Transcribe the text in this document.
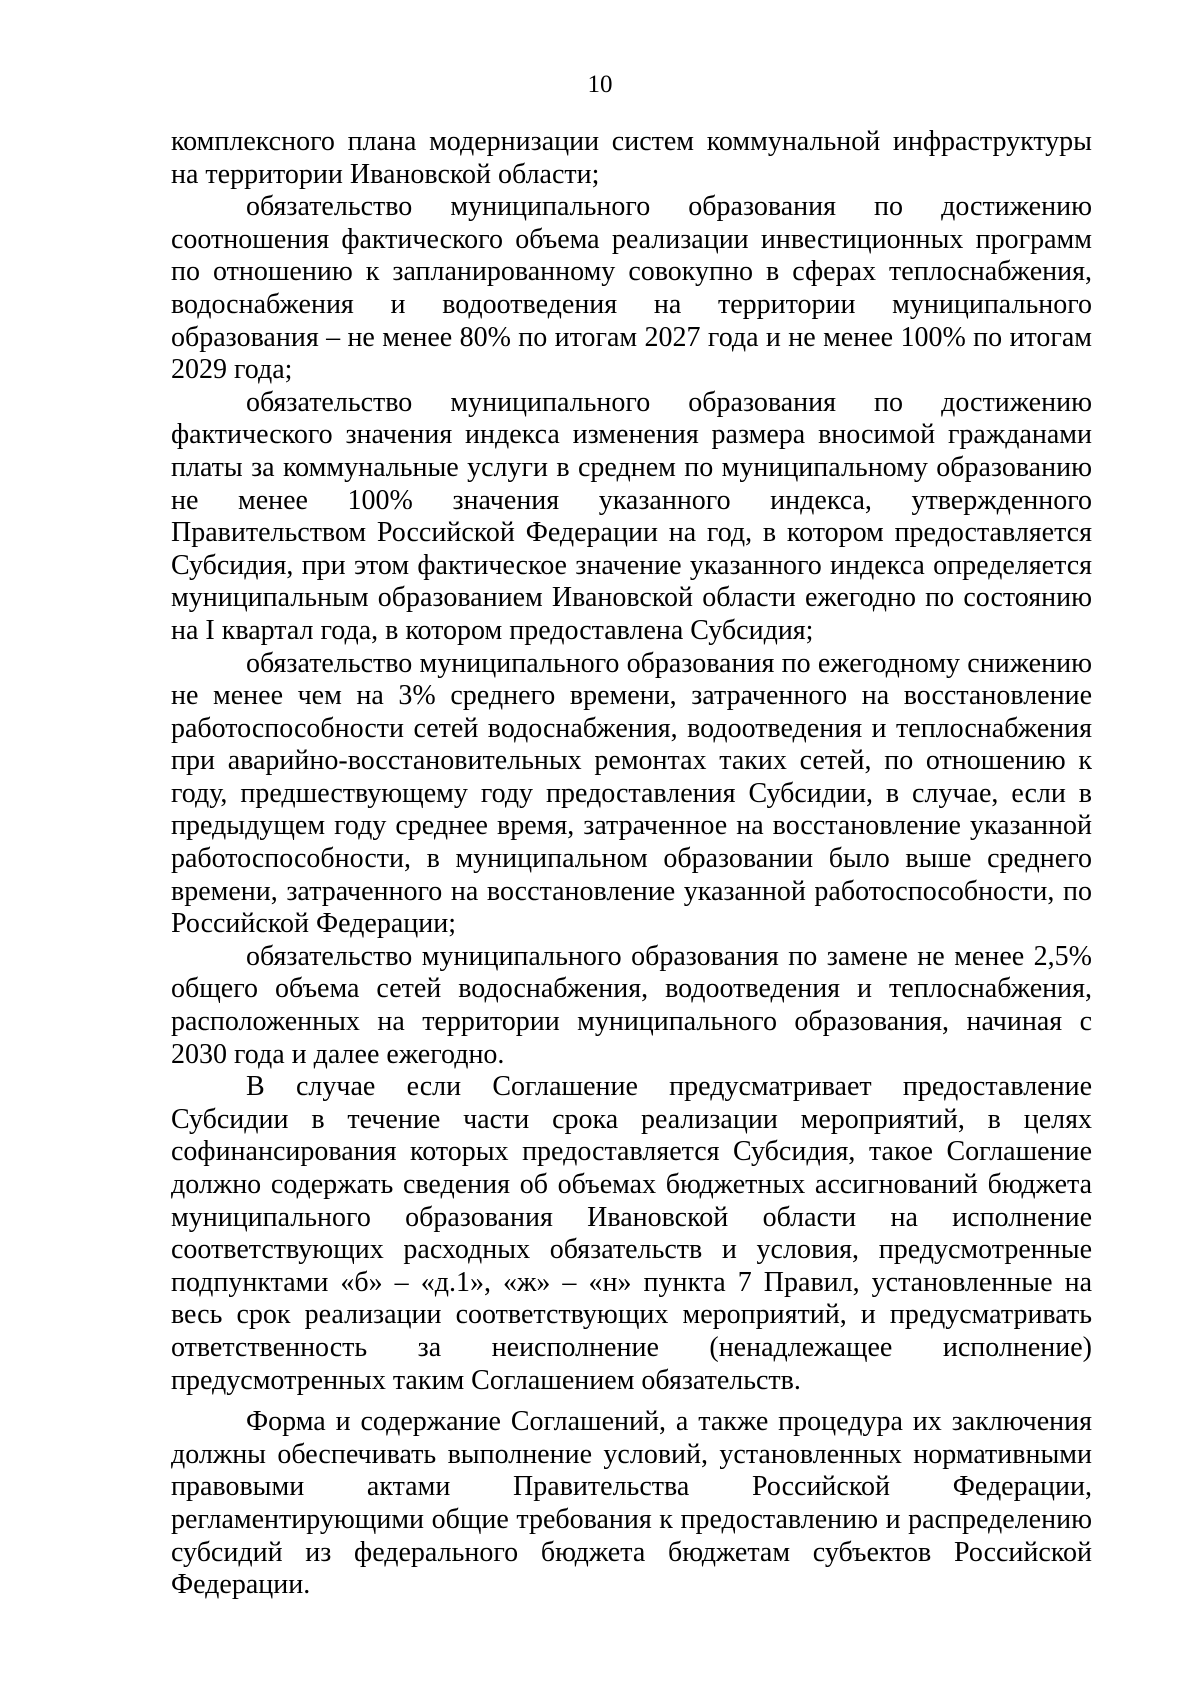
10

комплексного плана модернизации систем коммунальной инфраструктуры на территории Ивановской области;

обязательство муниципального образования по достижению соотношения фактического объема реализации инвестиционных программ по отношению к запланированному совокупно в сферах теплоснабжения, водоснабжения и водоотведения на территории муниципального образования – не менее 80% по итогам 2027 года и не менее 100% по итогам 2029 года;

обязательство муниципального образования по достижению фактического значения индекса изменения размера вносимой гражданами платы за коммунальные услуги в среднем по муниципальному образованию не менее 100% значения указанного индекса, утвержденного Правительством Российской Федерации на год, в котором предоставляется Субсидия, при этом фактическое значение указанного индекса определяется муниципальным образованием Ивановской области ежегодно по состоянию на I квартал года, в котором предоставлена Субсидия;

обязательство муниципального образования по ежегодному снижению не менее чем на 3% среднего времени, затраченного на восстановление работоспособности сетей водоснабжения, водоотведения и теплоснабжения при аварийно-восстановительных ремонтах таких сетей, по отношению к году, предшествующему году предоставления Субсидии, в случае, если в предыдущем году среднее время, затраченное на восстановление указанной работоспособности, в муниципальном образовании было выше среднего времени, затраченного на восстановление указанной работоспособности, по Российской Федерации;

обязательство муниципального образования по замене не менее 2,5% общего объема сетей водоснабжения, водоотведения и теплоснабжения, расположенных на территории муниципального образования, начиная с 2030 года и далее ежегодно.

В случае если Соглашение предусматривает предоставление Субсидии в течение части срока реализации мероприятий, в целях софинансирования которых предоставляется Субсидия, такое Соглашение должно содержать сведения об объемах бюджетных ассигнований бюджета муниципального образования Ивановской области на исполнение соответствующих расходных обязательств и условия, предусмотренные подпунктами «б» – «д.1», «ж» – «н» пункта 7 Правил, установленные на весь срок реализации соответствующих мероприятий, и предусматривать ответственность за неисполнение (ненадлежащее исполнение) предусмотренных таким Соглашением обязательств.

Форма и содержание Соглашений, а также процедура их заключения должны обеспечивать выполнение условий, установленных нормативными правовыми актами Правительства Российской Федерации, регламентирующими общие требования к предоставлению и распределению субсидий из федерального бюджета бюджетам субъектов Российской Федерации.
